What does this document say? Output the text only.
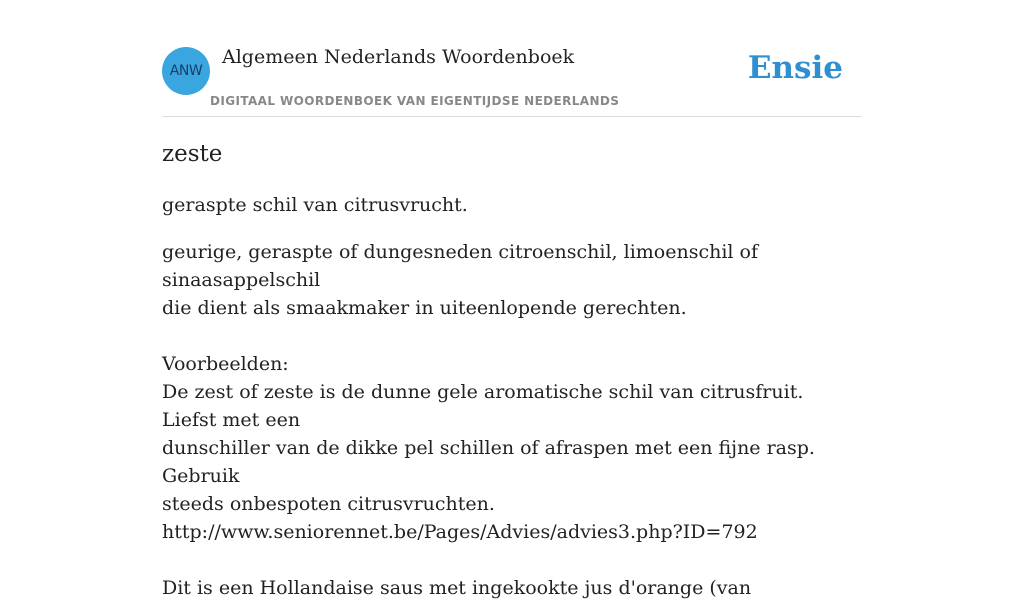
ANW
Algemeen Nederlands Woordenboek
DIGITAAL WOORDENBOEK VAN EIGENTIJDSE NEDERLANDS
Ensie
zeste

geraspte schil van citrusvrucht.

geurige, geraspte of dungesneden citroenschil, limoenschil of sinaasappelschil
die dient als smaakmaker in uiteenlopende gerechten.
Voorbeelden:
De zest of zeste is de dunne gele aromatische schil van citrusfruit. Liefst met een
dunschiller van de dikke pel schillen of afraspen met een fijne rasp. Gebruik
steeds onbespoten citrusvruchten.
http://www.seniorennet.be/Pages/Advies/advies3.php?ID=792
Dit is een Hollandaise saus met ingekookte jus d'orange (van
